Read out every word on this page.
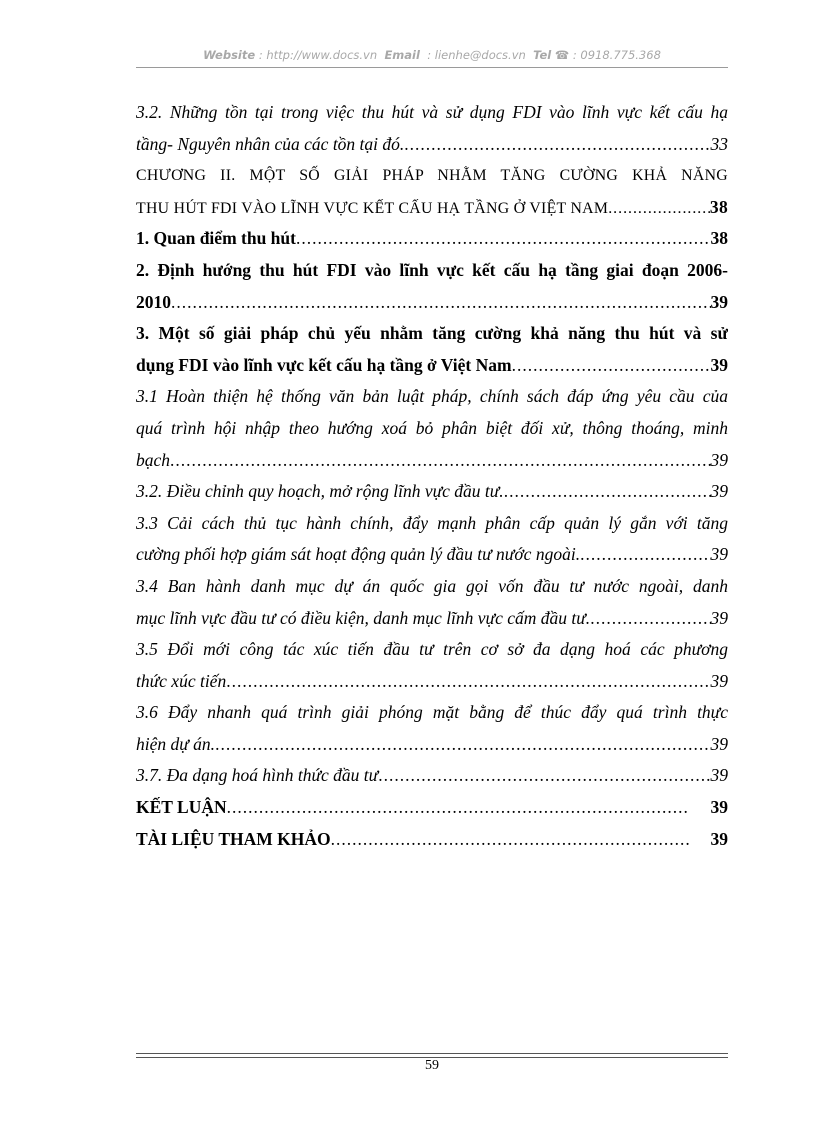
Website : http://www.docs.vn Email : lienhe@docs.vn Tel ☎ : 0918.775.368
3.2. Những tồn tại trong việc thu hút và sử dụng FDI vào lĩnh vực kết cấu hạ
tầng- Nguyên nhân của các tồn tại đó. .....	33
CHƯƠNG II. MỘT SỐ GIẢI PHÁP NHẰM TĂNG CƯỜNG KHẢ NĂNG
THU HÚT FDI VÀO LĨNH VỰC KẾT CẤU HẠ TẦNG Ở VIỆT NAM .....	38
1. Quan điểm thu hút .....	38
2. Định hướng thu hút FDI vào lĩnh vực kết cấu hạ tầng giai đoạn 2006-
2010 .....	39
3. Một số giải pháp chủ yếu nhằm tăng cường khả năng thu hút và sử
dụng FDI vào lĩnh vực kết cấu hạ tầng ở Việt Nam .....	39
3.1 Hoàn thiện hệ thống văn bản luật pháp, chính sách đáp ứng yêu cầu của
quá trình hội nhập theo hướng xoá bỏ phân biệt đối xử, thông thoáng, minh
bạch .....	39
3.2. Điều chỉnh quy hoạch, mở rộng lĩnh vực đầu tư. .....	39
3.3 Cải cách thủ tục hành chính, đẩy mạnh phân cấp quản lý gắn với tăng
cường phối hợp giám sát hoạt động quản lý đầu tư nước ngoài. .....	39
3.4 Ban hành danh mục dự án quốc gia gọi vốn đầu tư nước ngoài, danh
mục lĩnh vực đầu tư có điều kiện, danh mục lĩnh vực cấm đầu tư. .....	39
3.5 Đổi mới công tác xúc tiến đầu tư trên cơ sở đa dạng hoá các phương
thức xúc tiến .....	39
3.6 Đẩy nhanh quá trình giải phóng mặt bằng để thúc đẩy quá trình thực
hiện dự án. .....	39
3.7. Đa dạng hoá hình thức đầu tư .....	39
KẾT LUẬN .....	39
TÀI LIỆU THAM KHẢO .....	39
59
